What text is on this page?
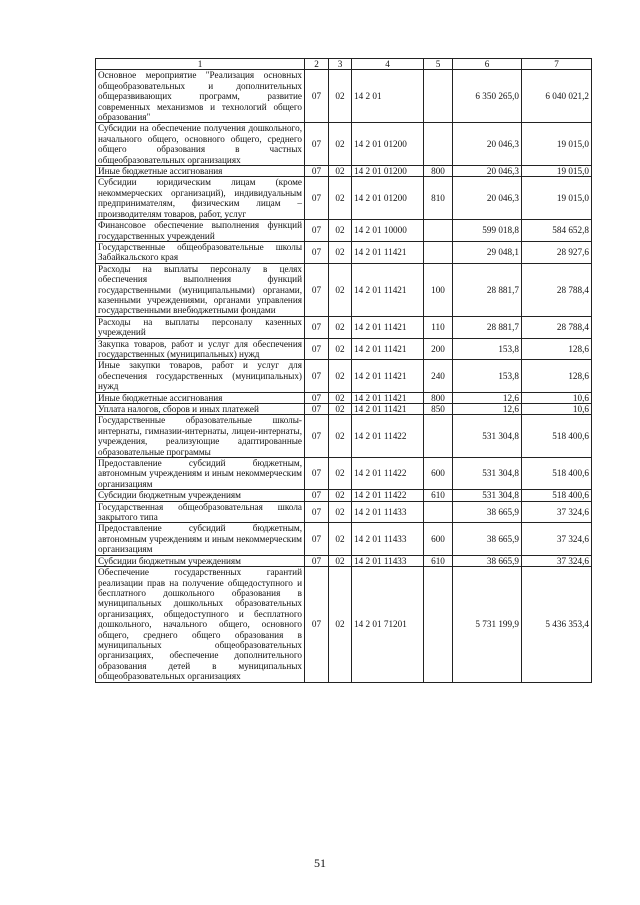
1	2	3	4	5	6	7
Основное мероприятие "Реализация основных общеобразовательных и дополнительных общеразвивающих программ, развитие современных механизмов и технологий общего образования"	07	02	14 2 01		6 350 265,0	6 040 021,2
Субсидии на обеспечение получения дошкольного, начального общего, основного общего, среднего общего образования в частных общеобразовательных организациях	07	02	14 2 01 01200		20 046,3	19 015,0
Иные бюджетные ассигнования	07	02	14 2 01 01200	800	20 046,3	19 015,0
Субсидии юридическим лицам (кроме некоммерческих организаций), индивидуальным предпринимателям, физическим лицам – производителям товаров, работ, услуг	07	02	14 2 01 01200	810	20 046,3	19 015,0
Финансовое обеспечение выполнения функций государственных учреждений	07	02	14 2 01 10000		599 018,8	584 652,8
Государственные общеобразовательные школы Забайкальского края	07	02	14 2 01 11421		29 048,1	28 927,6
Расходы на выплаты персоналу в целях обеспечения выполнения функций государственными (муниципальными) органами, казенными учреждениями, органами управления государственными внебюджетными фондами	07	02	14 2 01 11421	100	28 881,7	28 788,4
Расходы на выплаты персоналу казенных учреждений	07	02	14 2 01 11421	110	28 881,7	28 788,4
Закупка товаров, работ и услуг для обеспечения государственных (муниципальных) нужд	07	02	14 2 01 11421	200	153,8	128,6
Иные закупки товаров, работ и услуг для обеспечения государственных (муниципальных) нужд	07	02	14 2 01 11421	240	153,8	128,6
Иные бюджетные ассигнования	07	02	14 2 01 11421	800	12,6	10,6
Уплата налогов, сборов и иных платежей	07	02	14 2 01 11421	850	12,6	10,6
Государственные образовательные школы-интернаты, гимназии-интернаты, лицеи-интернаты, учреждения, реализующие адаптированные образовательные программы	07	02	14 2 01 11422		531 304,8	518 400,6
Предоставление субсидий бюджетным, автономным учреждениям и иным некоммерческим организациям	07	02	14 2 01 11422	600	531 304,8	518 400,6
Субсидии бюджетным учреждениям	07	02	14 2 01 11422	610	531 304,8	518 400,6
Государственная общеобразовательная школа закрытого типа	07	02	14 2 01 11433		38 665,9	37 324,6
Предоставление субсидий бюджетным, автономным учреждениям и иным некоммерческим организациям	07	02	14 2 01 11433	600	38 665,9	37 324,6
Субсидии бюджетным учреждениям	07	02	14 2 01 11433	610	38 665,9	37 324,6
Обеспечение государственных гарантий реализации прав на получение общедоступного и бесплатного дошкольного образования в муниципальных дошкольных образовательных организациях, общедоступного и бесплатного дошкольного, начального общего, основного общего, среднего общего образования в муниципальных общеобразовательных организациях, обеспечение дополнительного образования детей в муниципальных общеобразовательных организациях	07	02	14 2 01 71201		5 731 199,9	5 436 353,4
51
